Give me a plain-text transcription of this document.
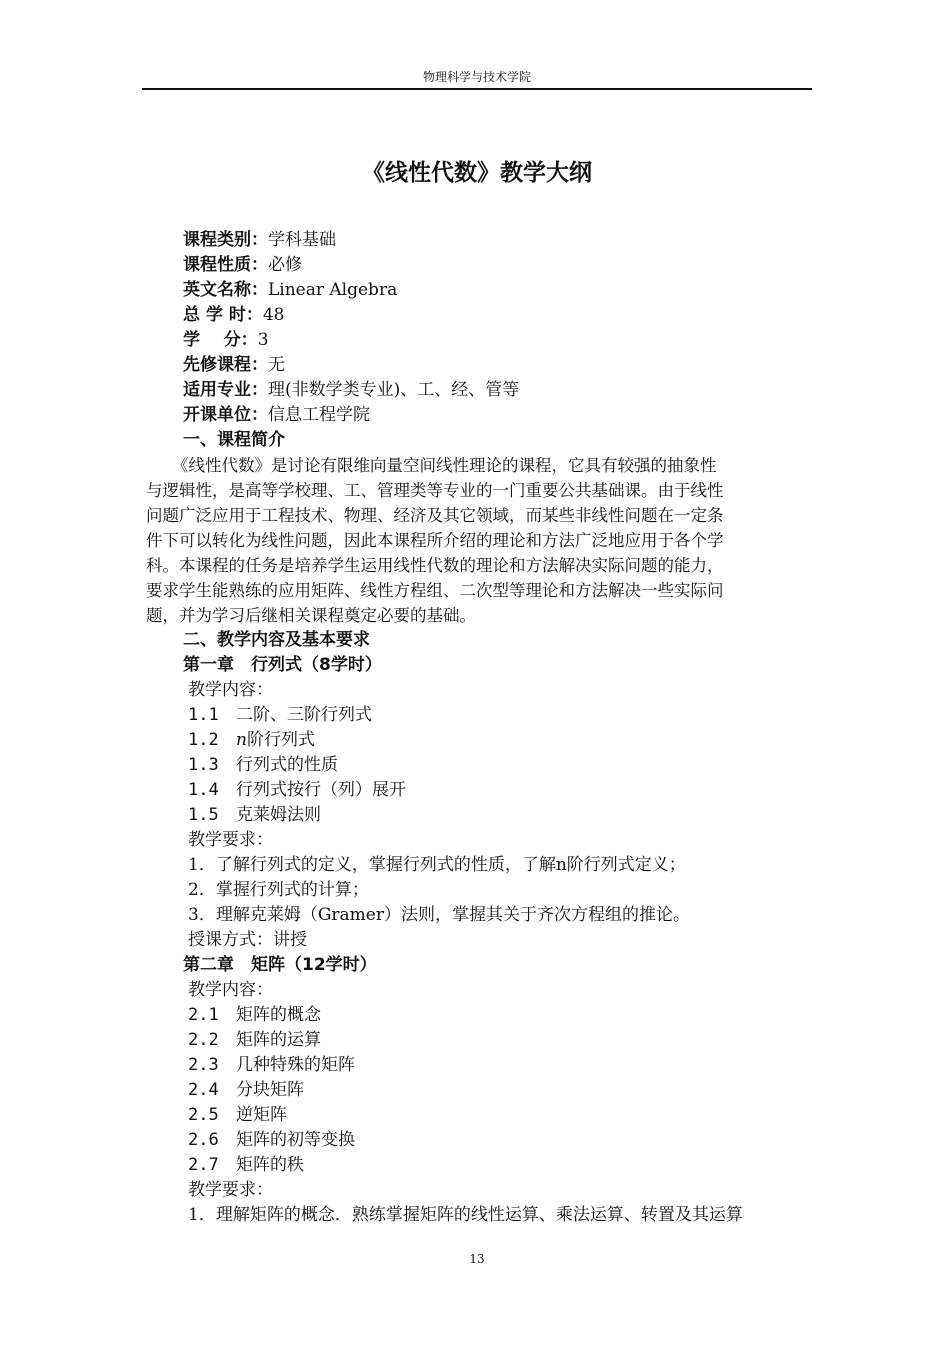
物理科学与技术学院
《线性代数》教学大纲
课程类别：学科基础
课程性质：必修
英文名称：Linear Algebra
总 学 时：48
学    分：3
先修课程：无
适用专业：理(非数学类专业)、工、经、管等
开课单位：信息工程学院
一、课程简介
《线性代数》是讨论有限维向量空间线性理论的课程，它具有较强的抽象性
与逻辑性，是高等学校理、工、管理类等专业的一门重要公共基础课。由于线性
问题广泛应用于工程技术、物理、经济及其它领域，而某些非线性问题在一定条
件下可以转化为线性问题，因此本课程所介绍的理论和方法广泛地应用于各个学
科。本课程的任务是培养学生运用线性代数的理论和方法解决实际问题的能力，
要求学生能熟练的应用矩阵、线性方程组、二次型等理论和方法解决一些实际问
题，并为学习后继相关课程奠定必要的基础。
二、教学内容及基本要求
第一章　行列式（8学时）
教学内容：
1.1 二阶、三阶行列式
1.2 n阶行列式
1.3 行列式的性质
1.4 行列式按行（列）展开
1.5 克莱姆法则
教学要求：
1．了解行列式的定义，掌握行列式的性质，了解n阶行列式定义；
2．掌握行列式的计算；
3．理解克莱姆（Gramer）法则，掌握其关于齐次方程组的推论。
授课方式：讲授
第二章　矩阵（12学时）
教学内容：
2.1 矩阵的概念
2.2 矩阵的运算
2.3 几种特殊的矩阵
2.4 分块矩阵
2.5 逆矩阵
2.6 矩阵的初等变换
2.7 矩阵的秩
教学要求：
1．理解矩阵的概念．熟练掌握矩阵的线性运算、乘法运算、转置及其运算
13
